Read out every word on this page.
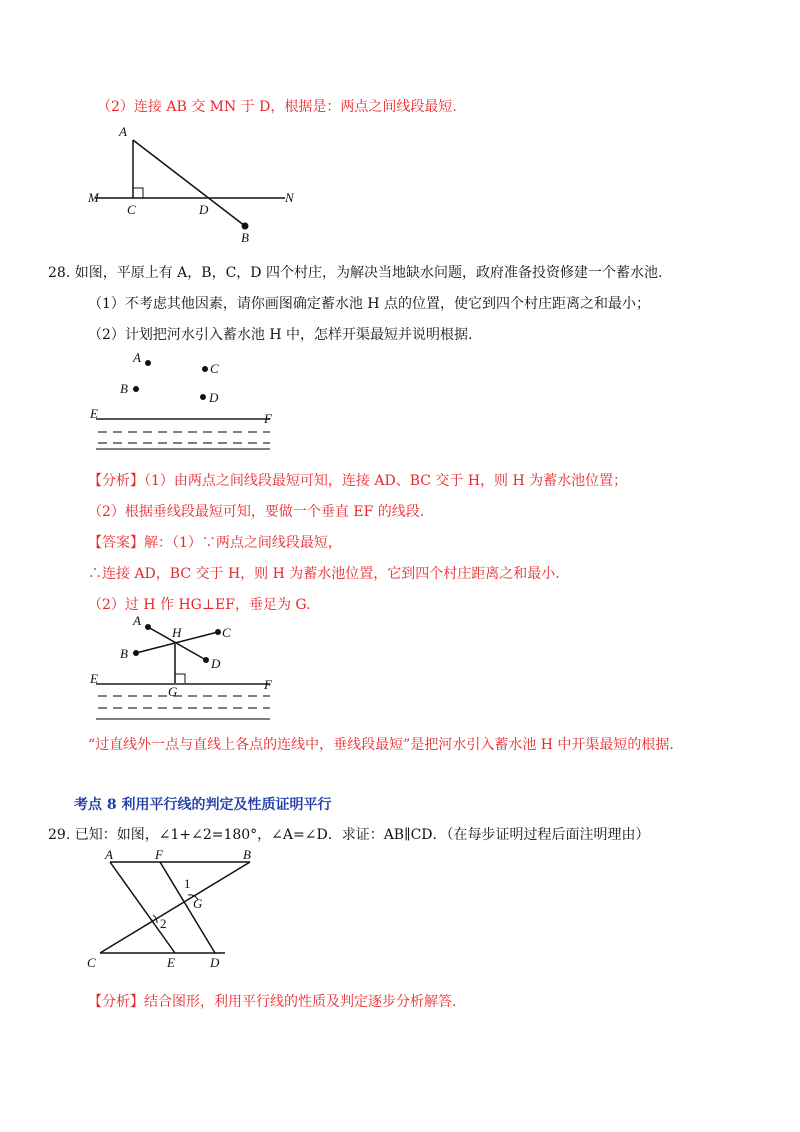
（2）连接 AB 交 MN 于 D，根据是：两点之间线段最短.
A
M
C	D
N
B
28. 如图，平原上有 A，B，C，D 四个村庄，为解决当地缺水问题，政府准备投资修建一个蓄水池.
（1）不考虑其他因素，请你画图确定蓄水池 H 点的位置，使它到四个村庄距离之和最小；
（2）计划把河水引入蓄水池 H 中，怎样开渠最短并说明根据.
A
C
B
D
E	F
【分析】（1）由两点之间线段最短可知，连接 AD、BC 交于 H，则 H 为蓄水池位置；
（2）根据垂线段最短可知，要做一个垂直 EF 的线段.
【答案】解：（1）∵两点之间线段最短，
∴连接 AD，BC 交于 H，则 H 为蓄水池位置，它到四个村庄距离之和最小.
（2）过 H 作 HG⊥EF，垂足为 G.
A
H	C
B
D
E
G	F
“过直线外一点与直线上各点的连线中，垂线段最短”是把河水引入蓄水池 H 中开渠最短的根据.
考点 8 利用平行线的判定及性质证明平行
29. 已知：如图，∠1+∠2=180°，∠A=∠D．求证：AB∥CD．（在每步证明过程后面注明理由）
A	F	B
1
G
2
C	E	D
【分析】结合图形，利用平行线的性质及判定逐步分析解答.
